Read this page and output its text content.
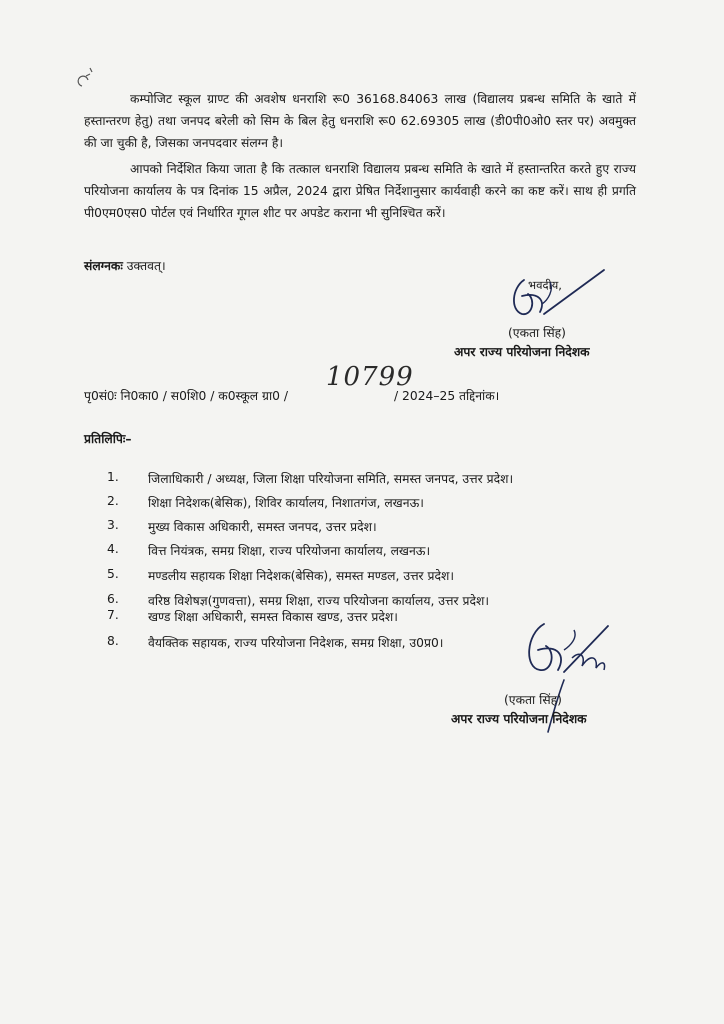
कम्पोजिट स्कूल ग्राण्ट की अवशेष धनराशि रू0 36168.84063 लाख (विद्यालय प्रबन्ध समिति के खाते में हस्तान्तरण हेतु) तथा जनपद बरेली को सिम के बिल हेतु धनराशि रू0 62.69305 लाख (डी0पी0ओ0 स्तर पर) अवमुक्त की जा चुकी है, जिसका जनपदवार संलग्न है।

आपको निर्देशित किया जाता है कि तत्काल धनराशि विद्यालय प्रबन्ध समिति के खाते में हस्तान्तरित करते हुए राज्य परियोजना कार्यालय के पत्र दिनांक 15 अप्रैल, 2024 द्वारा प्रेषित निर्देशानुसार कार्यवाही करने का कष्ट करें। साथ ही प्रगति पी0एम0एस0 पोर्टल एवं निर्धारित गूगल शीट पर अपडेट कराना भी सुनिश्चित करें।

संलग्नकः उक्तवत्।
भवदीय,
(एकता सिंह)
अपर राज्य परियोजना निदेशक
पृ0सं0ः नि0का0 / स0शि0 / क0स्कूल ग्रा0 /
10799
/ 2024–25 तद्दिनांक।
प्रतिलिपिः–
1.	जिलाधिकारी / अध्यक्ष, जिला शिक्षा परियोजना समिति, समस्त जनपद, उत्तर प्रदेश।
2.	शिक्षा निदेशक(बेसिक), शिविर कार्यालय, निशातगंज, लखनऊ।
3.	मुख्य विकास अधिकारी, समस्त जनपद, उत्तर प्रदेश।
4.	वित्त नियंत्रक, समग्र शिक्षा, राज्य परियोजना कार्यालय, लखनऊ।
5.	मण्डलीय सहायक शिक्षा निदेशक(बेसिक), समस्त मण्डल, उत्तर प्रदेश।
6.	वरिष्ठ विशेषज्ञ(गुणवत्ता), समग्र शिक्षा, राज्य परियोजना कार्यालय, उत्तर प्रदेश।
7.	खण्ड शिक्षा अधिकारी, समस्त विकास खण्ड, उत्तर प्रदेश।
8.	वैयक्तिक सहायक, राज्य परियोजना निदेशक, समग्र शिक्षा, उ0प्र0।
(एकता सिंह)
अपर राज्य परियोजना निदेशक
